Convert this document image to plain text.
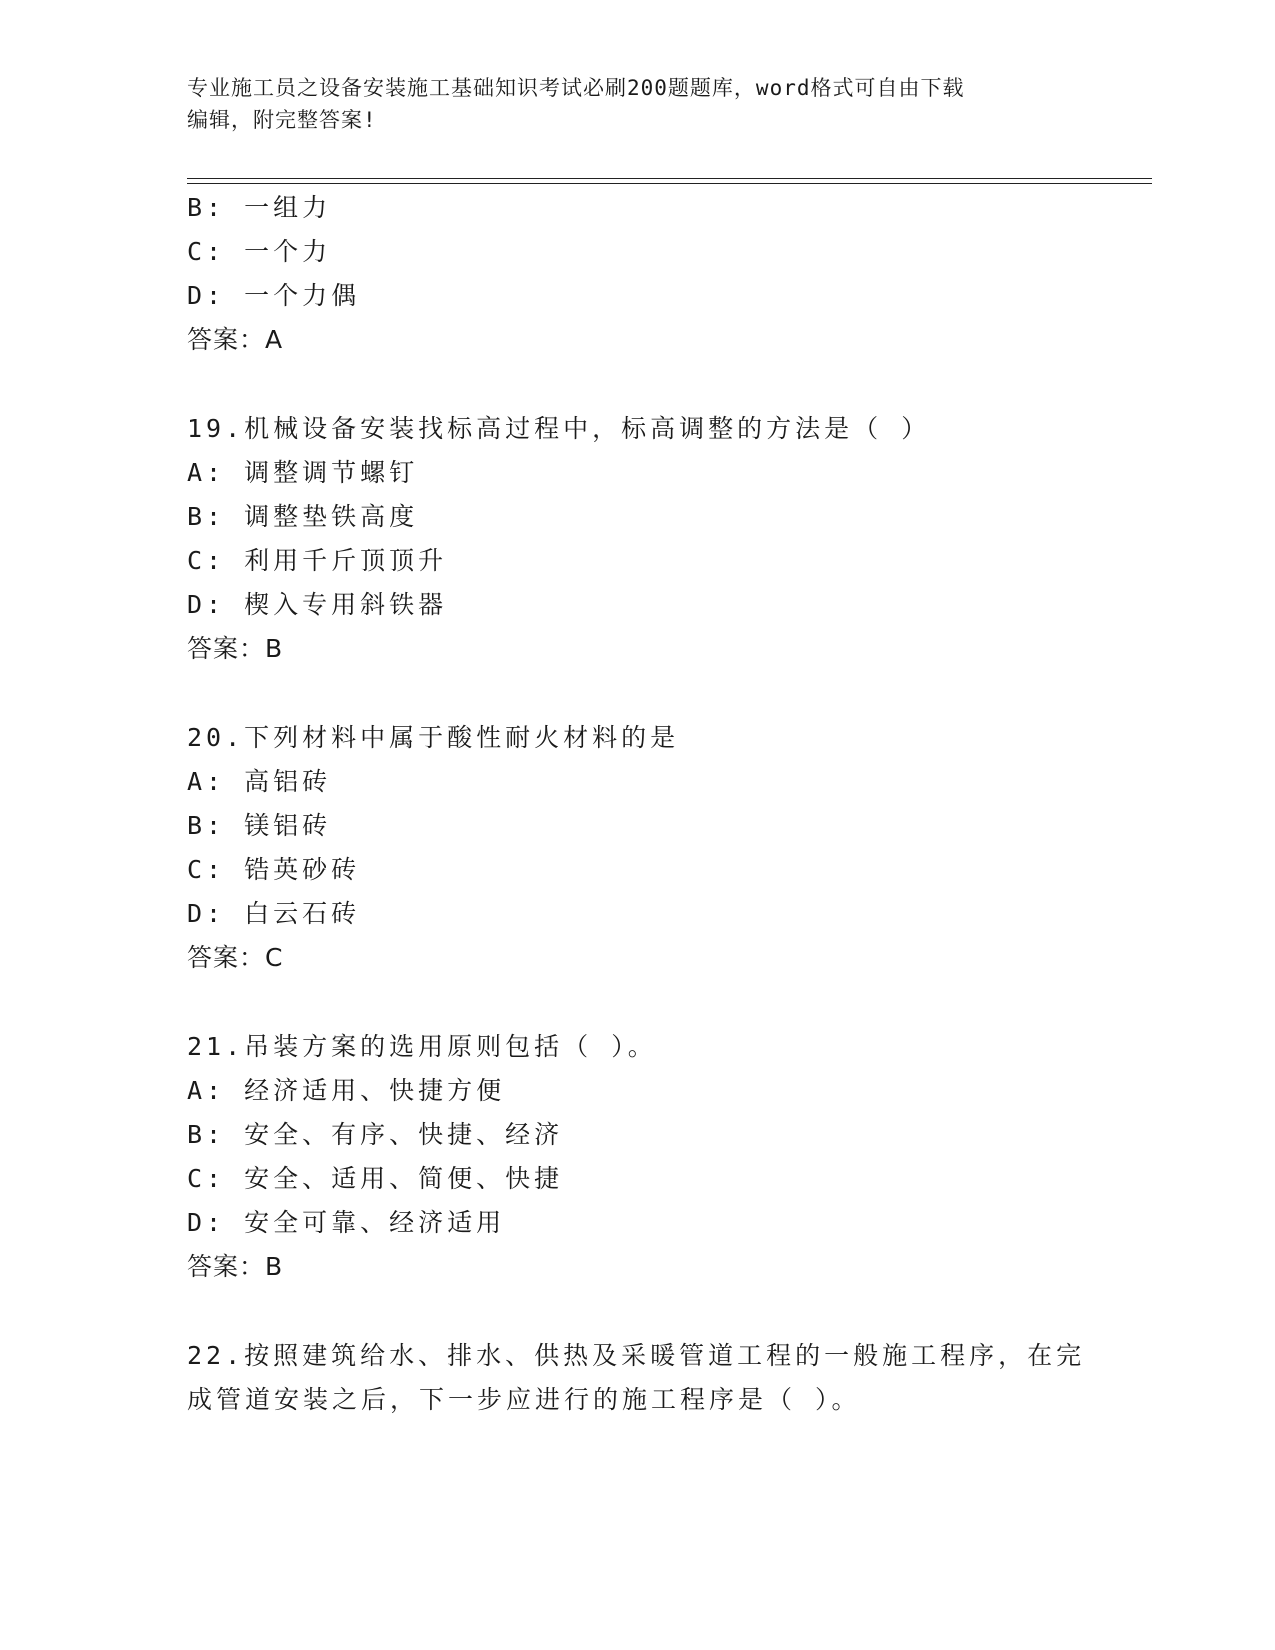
专业施工员之设备安装施工基础知识考试必刷200题题库，word格式可自由下载
编辑，附完整答案!
B: 一组力
C: 一个力
D: 一个力偶
答案：A
19.机械设备安装找标高过程中，标高调整的方法是（ ）
A: 调整调节螺钉
B: 调整垫铁高度
C: 利用千斤顶顶升
D: 楔入专用斜铁器
答案：B
20.下列材料中属于酸性耐火材料的是
A: 高铝砖
B: 镁铝砖
C: 锆英砂砖
D: 白云石砖
答案：C
21.吊装方案的选用原则包括（ ）。
A: 经济适用、快捷方便
B: 安全、有序、快捷、经济
C: 安全、适用、简便、快捷
D: 安全可靠、经济适用
答案：B
22.按照建筑给水、排水、供热及采暖管道工程的一般施工程序，在完
成管道安装之后，下一步应进行的施工程序是（ ）。
